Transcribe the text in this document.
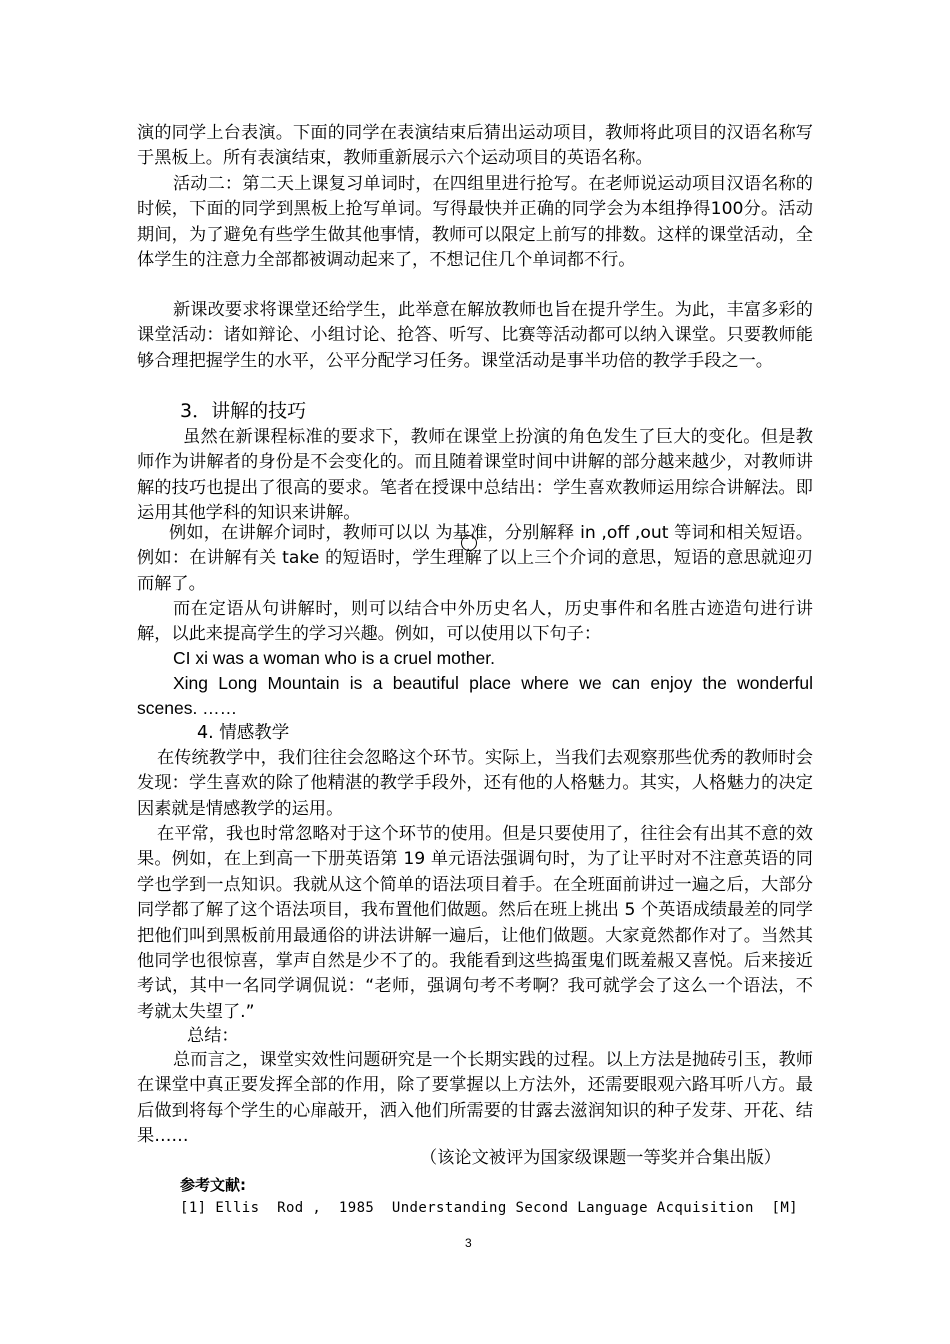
演的同学上台表演。下面的同学在表演结束后猜出运动项目，教师将此项目的汉语名称写于黑板上。所有表演结束，教师重新展示六个运动项目的英语名称。

活动二：第二天上课复习单词时，在四组里进行抢写。在老师说运动项目汉语名称的时候，下面的同学到黑板上抢写单词。写得最快并正确的同学会为本组挣得100分。活动期间，为了避免有些学生做其他事情，教师可以限定上前写的排数。这样的课堂活动，全体学生的注意力全部都被调动起来了，不想记住几个单词都不行。

新课改要求将课堂还给学生，此举意在解放教师也旨在提升学生。为此，丰富多彩的课堂活动：诸如辩论、小组讨论、抢答、听写、比赛等活动都可以纳入课堂。只要教师能够合理把握学生的水平，公平分配学习任务。课堂活动是事半功倍的教学手段之一。

3．讲解的技巧

虽然在新课程标准的要求下，教师在课堂上扮演的角色发生了巨大的变化。但是教师作为讲解者的身份是不会变化的。而且随着课堂时间中讲解的部分越来越少，对教师讲解的技巧也提出了很高的要求。笔者在授课中总结出：学生喜欢教师运用综合讲解法。即运用其他学科的知识来讲解。

例如，在讲解介词时，教师可以以 为基准，分别解释 in ,off ,out 等词和相关短语。例如：在讲解有关 take 的短语时，学生理解了以上三个介词的意思，短语的意思就迎刃而解了。

而在定语从句讲解时，则可以结合中外历史名人，历史事件和名胜古迹造句进行讲解，以此来提高学生的学习兴趣。例如，可以使用以下句子：

CI xi was a woman who is a cruel mother.

Xing Long Mountain is a beautiful place where we can enjoy the wonderful scenes. ……

4. 情感教学

在传统教学中，我们往往会忽略这个环节。实际上，当我们去观察那些优秀的教师时会发现：学生喜欢的除了他精湛的教学手段外，还有他的人格魅力。其实，人格魅力的决定因素就是情感教学的运用。

在平常，我也时常忽略对于这个环节的使用。但是只要使用了，往往会有出其不意的效果。例如，在上到高一下册英语第 19 单元语法强调句时，为了让平时对不注意英语的同学也学到一点知识。我就从这个简单的语法项目着手。在全班面前讲过一遍之后，大部分同学都了解了这个语法项目，我布置他们做题。然后在班上挑出 5 个英语成绩最差的同学把他们叫到黑板前用最通俗的讲法讲解一遍后，让他们做题。大家竟然都作对了。当然其他同学也很惊喜，掌声自然是少不了的。我能看到这些捣蛋鬼们既羞赧又喜悦。后来接近考试，其中一名同学调侃说：“老师，强调句考不考啊？我可就学会了这么一个语法，不考就太失望了.”

总结：

总而言之，课堂实效性问题研究是一个长期实践的过程。以上方法是抛砖引玉，教师在课堂中真正要发挥全部的作用，除了要掌握以上方法外，还需要眼观六路耳听八方。最后做到将每个学生的心扉敲开，洒入他们所需要的甘露去滋润知识的种子发芽、开花、结果……

（该论文被评为国家级课题一等奖并合集出版）
参考文献:
[1] Ellis  Rod ,  1985  Understanding Second Language Acquisition  [M]
3
